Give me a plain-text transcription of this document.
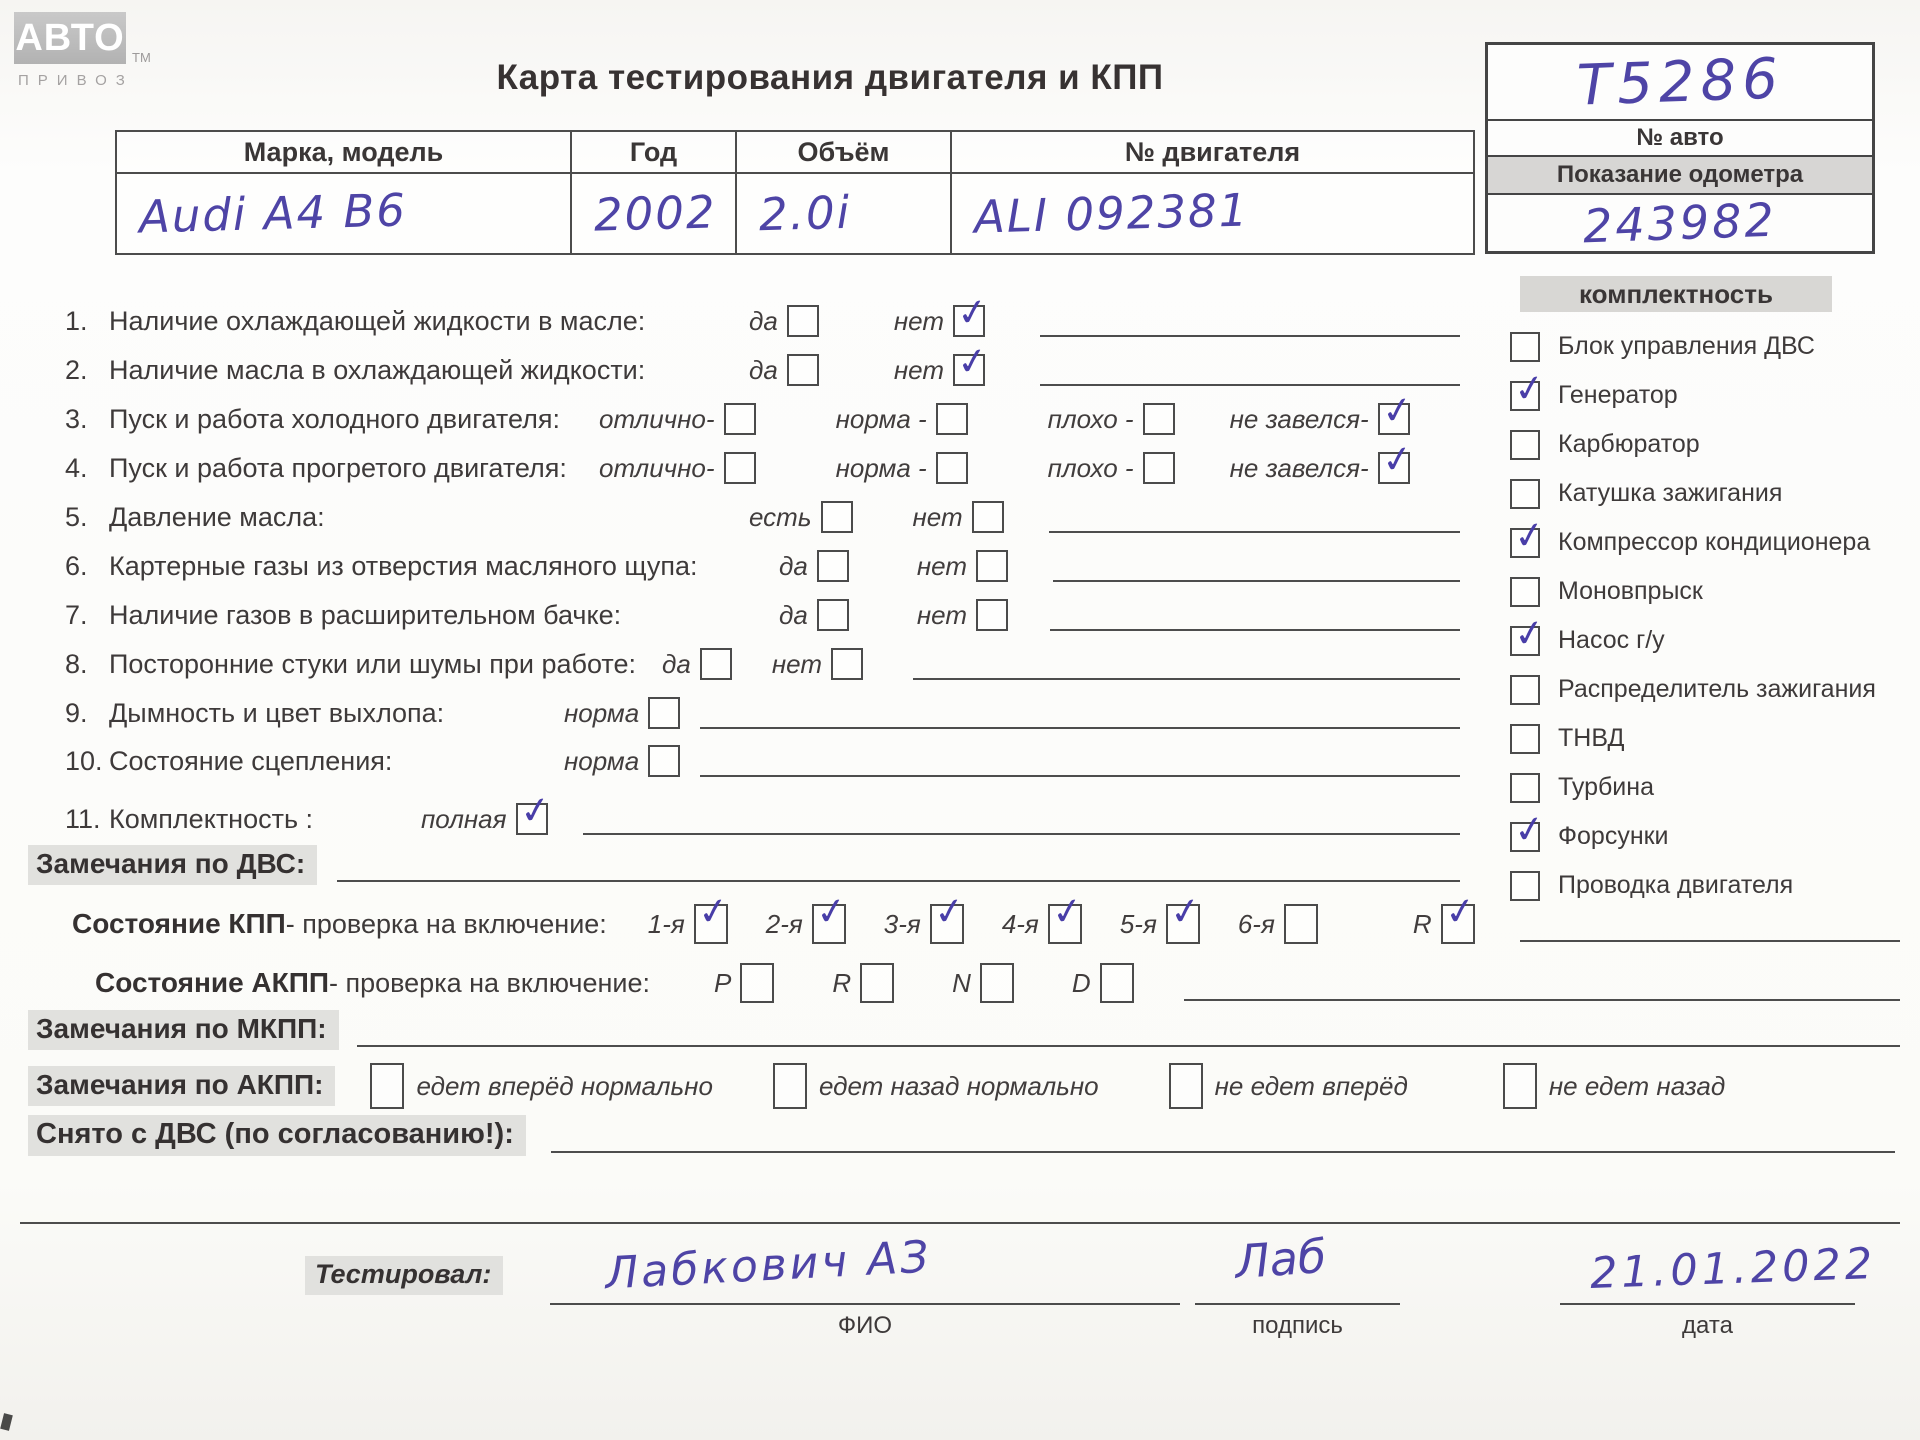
АВТО ТМ
ПРИВОЗ	Карта тестирования двигателя и КПП	T5286
№ авто
Показание одометра
243982
Марка, модель	Год	Объём	№ двигателя
Audi A4 B6	2002 2.0i	ALI 092381
1. Наличие охлаждающей жидкости в масле:	да	нет ✓
2. Наличие масла в охлаждающей жидкости:	да	нет ✓
3. Пуск и работа холодного двигателя:	отлично-	норма -	плохо -	не завелся- ✓
4. Пуск и работа прогретого двигателя: отлично-	норма -	плохо -	не завелся- ✓
5. Давление масла:	есть	нет
6. Картерные газы из отверстия масляного щупа:	да	нет
7. Наличие газов в расширительном бачке:	да	нет
8. Посторонние стуки или шумы при работе: да	нет
9. Дымность и цвет выхлопа:	норма
10. Состояние сцепления:	норма
11. Комплектность :	полная ✓
комплектность
Блок управления ДВС
✓ Генератор
Карбюратор
Катушка зажигания
✓ Компрессор кондиционера
Моновпрыск
✓ Насос г/у
Распределитель зажигания
ТНВД
Турбина
✓ Форсунки
Проводка двигателя
Замечания по ДВС:
Состояние КПП - проверка на включение:	1-я ✓ 2-я ✓ 3-я ✓ 4-я ✓ 5-я ✓ 6-я	R ✓
Состояние АКПП - проверка на включение:	P	R	N	D
Замечания по МКПП:
Замечания по АКПП:	едет вперёд нормально	едет назад нормально	не едет вперёд	не едет назад
Снято с ДВС (по согласованию!):
Тестировал:	Лабкович АЗ
ФИО
Лаб
подпись
21.01.2022
дата
